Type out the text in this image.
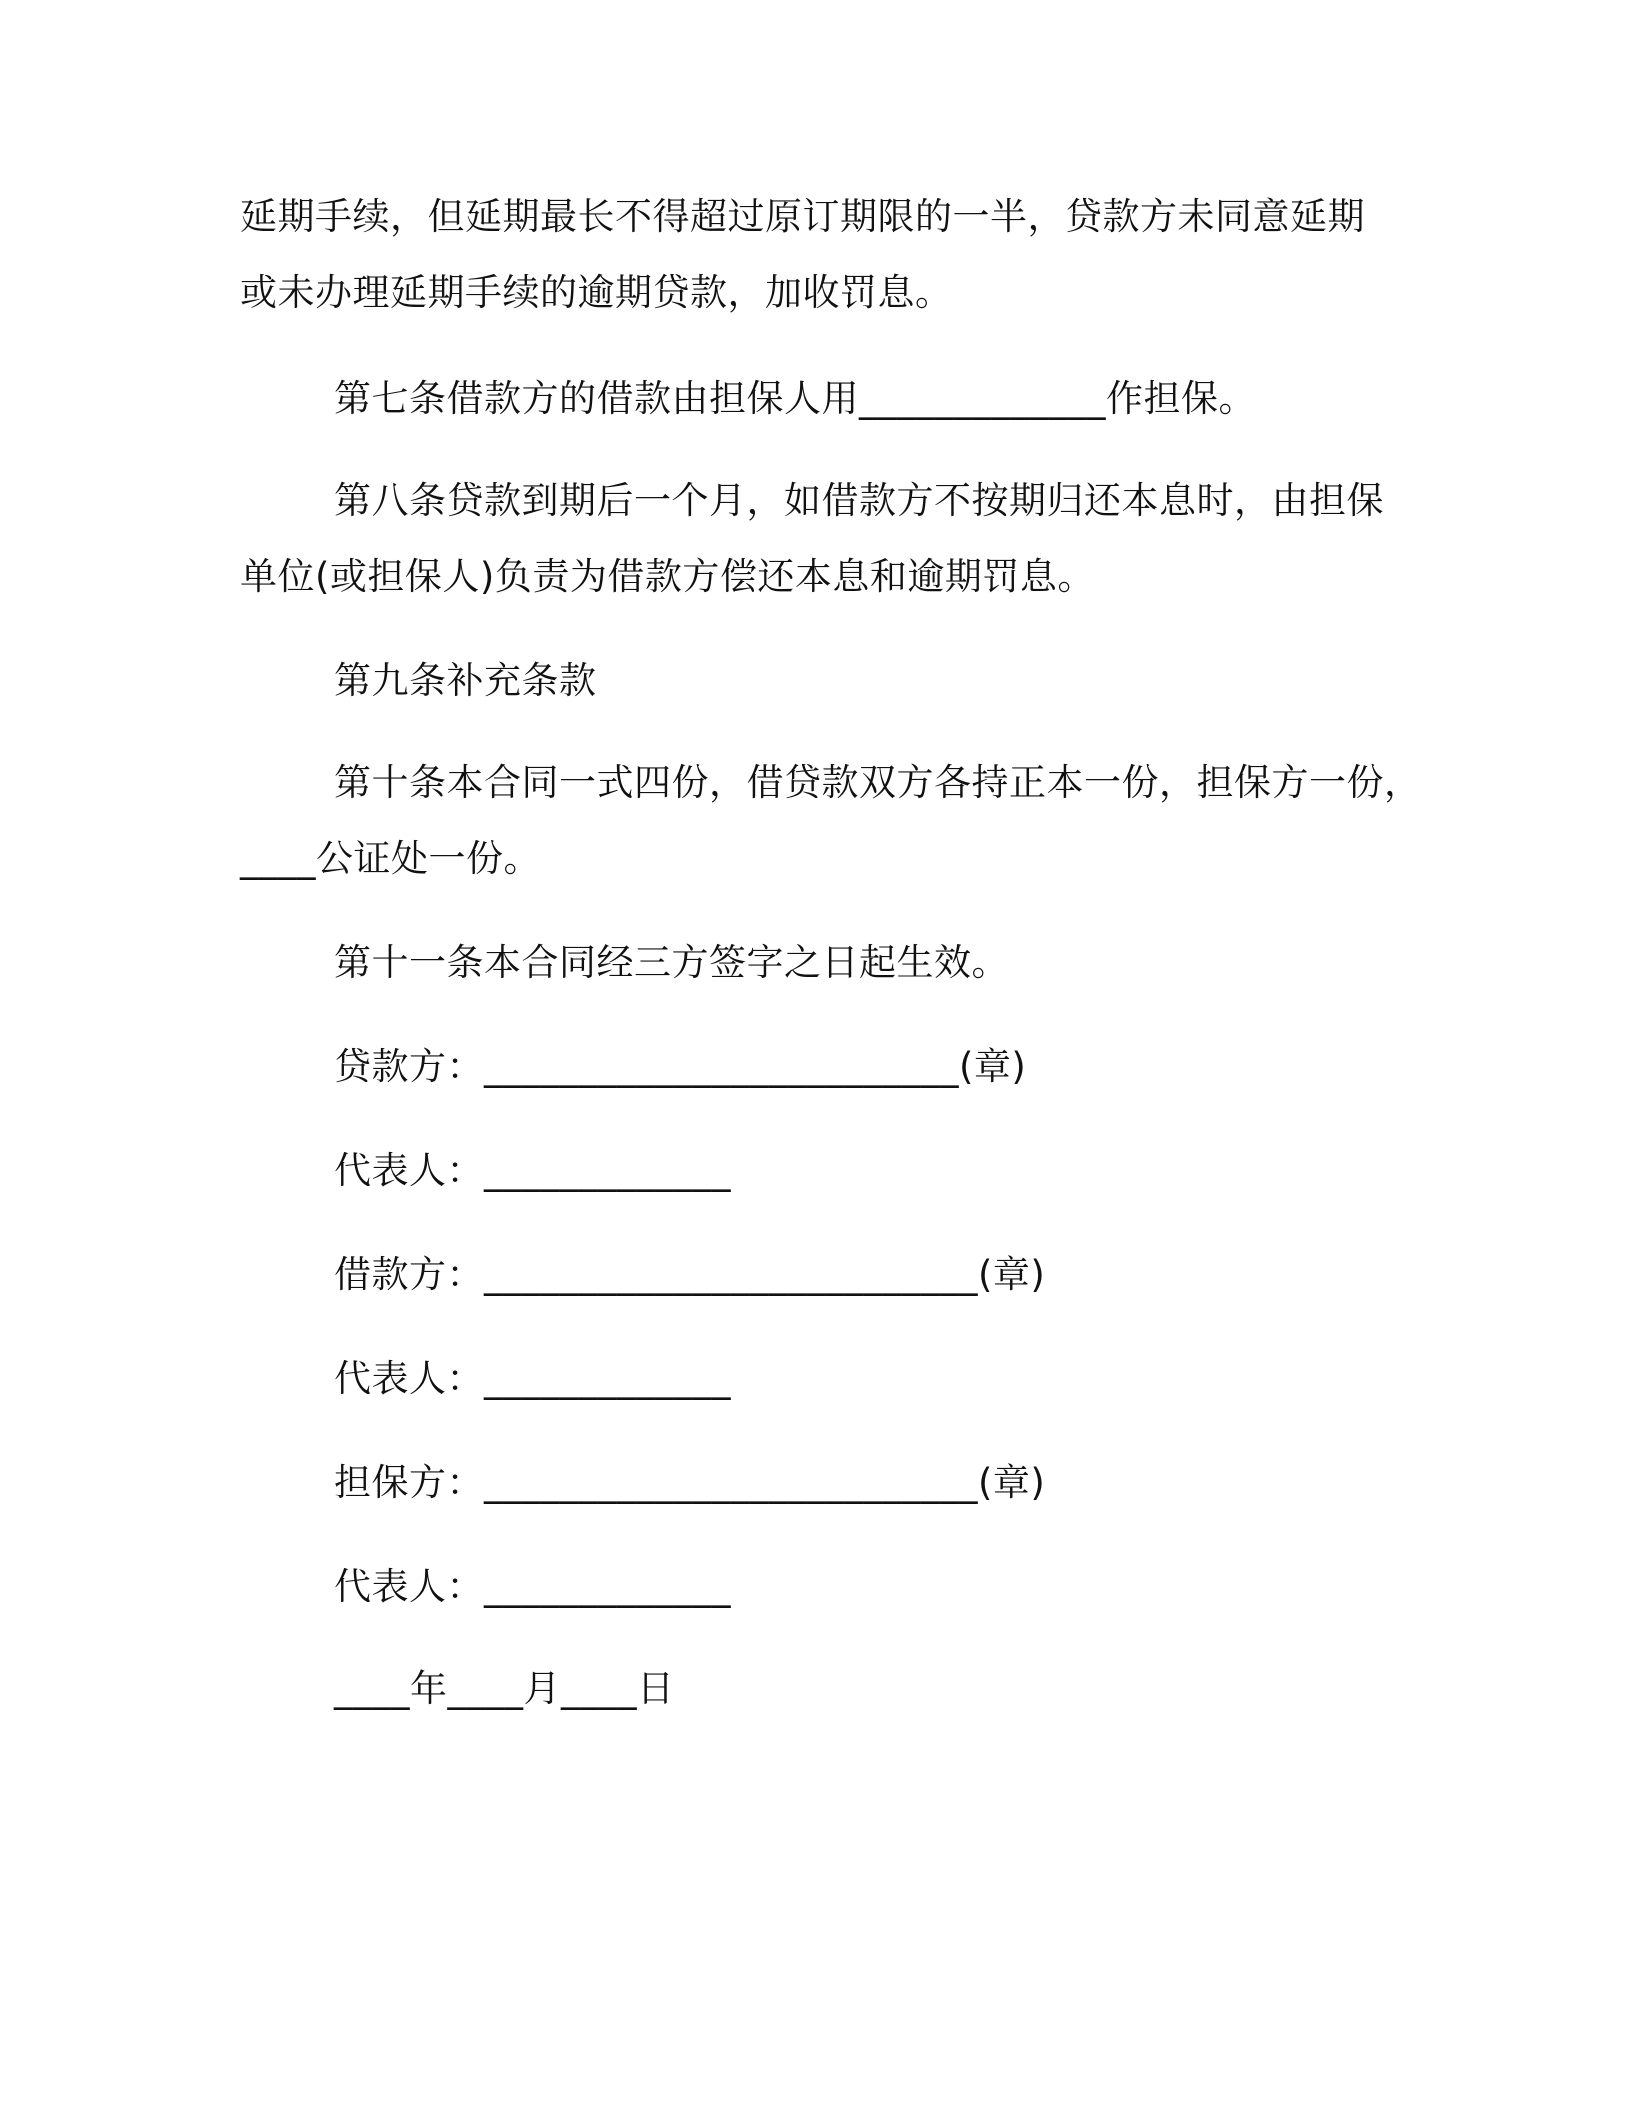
延期手续，但延期最长不得超过原订期限的一半，贷款方未同意延期
或未办理延期手续的逾期贷款，加收罚息。
第七条借款方的借款由担保人用_____________作担保。
第八条贷款到期后一个月，如借款方不按期归还本息时，由担保
单位(或担保人)负责为借款方偿还本息和逾期罚息。
第九条补充条款
第十条本合同一式四份，借贷款双方各持正本一份，担保方一份，
____公证处一份。
第十一条本合同经三方签字之日起生效。
贷款方：_________________________(章)
代表人：_____________
借款方：__________________________(章)
代表人：_____________
担保方：__________________________(章)
代表人：_____________
____年____月____日
